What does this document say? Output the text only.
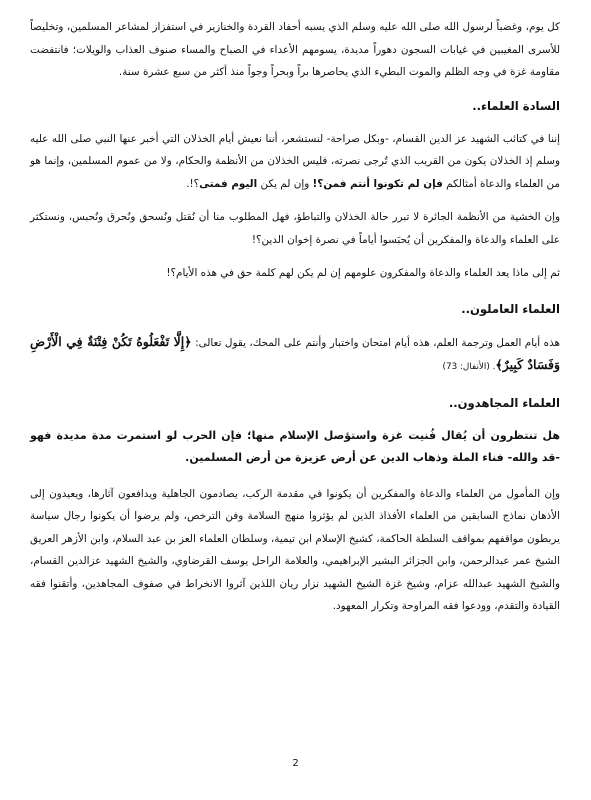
كل يوم، وغضباً لرسول الله صلى الله عليه وسلم الذي يسبه أحفاد القردة والخنازير في استفزاز لمشاعر المسلمين، وتخليصاً للأسرى المغيبين في غيابات السجون دهوراً مديدة، يسومهم الأعداء في الصباح والمساء صنوف العذاب والويلات؛ فانتفضت مقاومة غزة في وجه الظلم والموت البطيء الذي يحاصرها براً وبحراً وجواً منذ أكثر من سبع عشرة سنة.

السادة العلماء..

إننا في كتائب الشهيد عز الدين القسام، -وبكل صراحة- لنستشعر، أننا نعيش أيام الخذلان التي أخبر عنها النبي صلى الله عليه وسلم إذ الخذلان يكون من القريب الذي تُرجى نصرته، فليس الخذلان من الأنظمة والحكام، ولا من عموم المسلمين، وإنما هو من العلماء والدعاة أمثالكم فإن لم تكونوا أنتم فمن؟! وإن لم يكن اليوم فمتى؟!.

وإن الخشية من الأنظمة الجائرة لا تبرر حالة الخذلان والتباطؤ، فهل المطلوب منا أن نُقتل ونُسحق ونُحرق ونُحبس، ونستكثر على العلماء والدعاة والمفكرين أن يُحبَسوا أياماً في نصرة إخوان الدين؟!

ثم إلى ماذا يعد العلماء والدعاة والمفكرون علومهم إن لم يكن لهم كلمة حق في هذه الأيام؟!

العلماء العاملون..

هذه أيام العمل وترجمة العلم، هذه أيام امتحان واختبار وأنتم على المحك، يقول تعالى: ﴿إِلَّا تَفْعَلُوهُ تَكُنْ فِتْنَةٌ فِي الْأَرْضِ وَفَسَادٌ كَبِيرٌ﴾. (الأنفال: 73)

العلماء المجاهدون..

هل تنتظرون أن يُقال فُنيت غزة واستؤصل الإسلام منها؛ فإن الحرب لو استمرت مدة مديدة فهو -قد والله- فناء الملة وذهاب الدين عن أرض عزيزة من أرض المسلمين.

وإن المأمول من العلماء والدعاة والمفكرين أن يكونوا في مقدمة الركب، يصادمون الجاهلية ويدافعون آثارها، ويعيدون إلى الأذهان نماذج السابقين من العلماء الأفذاذ الذين لم يؤثروا منهج السلامة وفن الترخص، ولم يرضوا أن يكونوا رجال سياسة يربطون مواقفهم بمواقف السلطة الحاكمة، كشيخ الإسلام ابن تيمية، وسلطان العلماء العز بن عبد السلام، وابن الأزهر العريق الشيخ عمر عبدالرحمن، وابن الجزائر البشير الإبراهيمي، والعلامة الراحل يوسف القرضاوي، والشيخ الشهيد عزالدين القسام، والشيخ الشهيد عبدالله عزام، وشيخ غزة الشيخ الشهيد نزار ريان اللذين آثروا الانخراط في صفوف المجاهدين، وأتقنوا فقه القيادة والتقدم، وودعوا فقه المراوحة وتكرار المعهود.

2
